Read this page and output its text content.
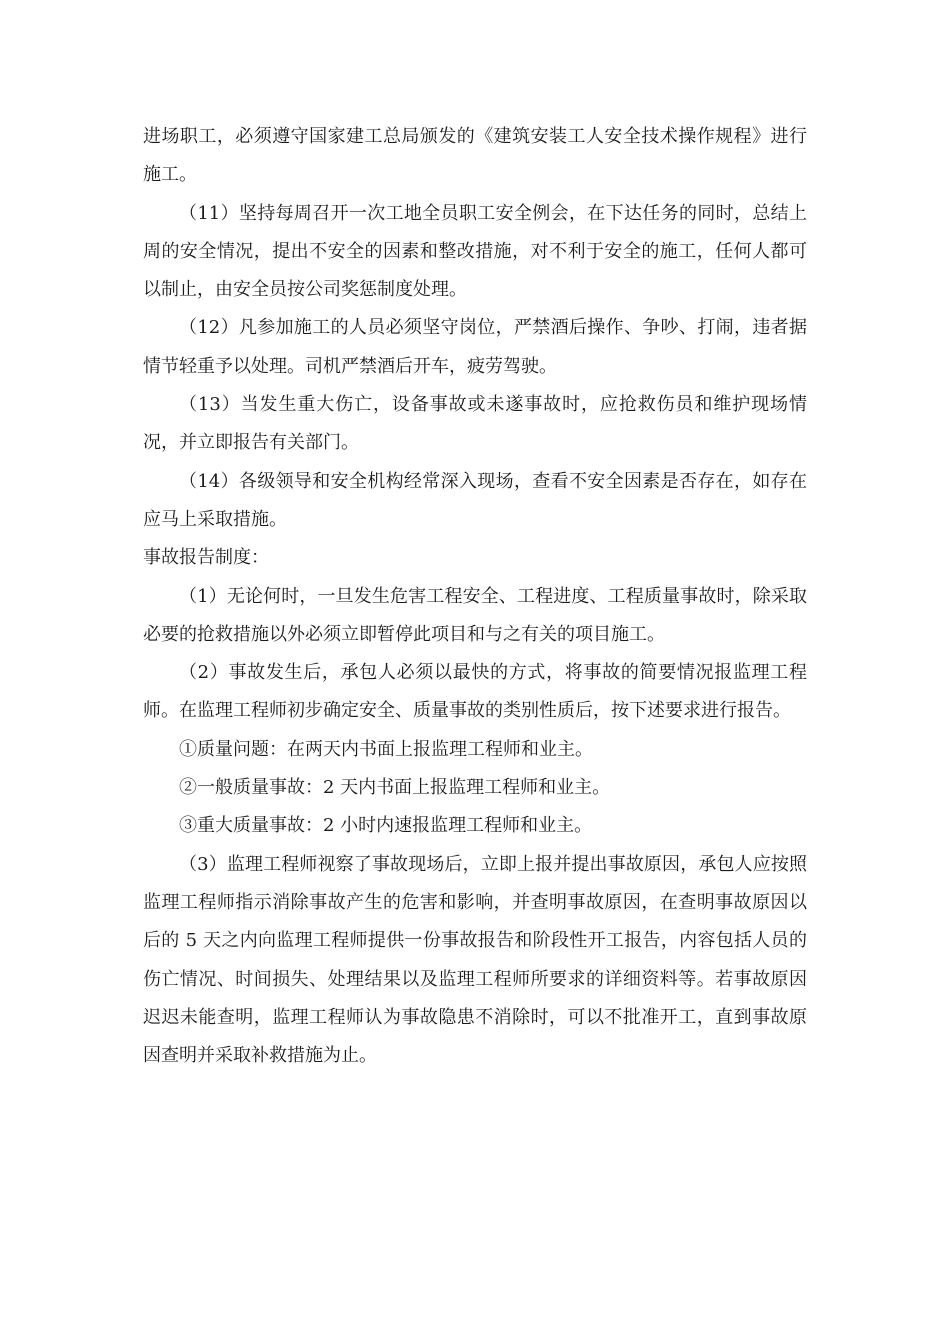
进场职工，必须遵守国家建工总局颁发的《建筑安装工人安全技术操作规程》进行施工。

（11）坚持每周召开一次工地全员职工安全例会，在下达任务的同时，总结上周的安全情况，提出不安全的因素和整改措施，对不利于安全的施工，任何人都可以制止，由安全员按公司奖惩制度处理。

（12）凡参加施工的人员必须坚守岗位，严禁酒后操作、争吵、打闹，违者据情节轻重予以处理。司机严禁酒后开车，疲劳驾驶。

（13）当发生重大伤亡，设备事故或未遂事故时，应抢救伤员和维护现场情况，并立即报告有关部门。

（14）各级领导和安全机构经常深入现场，查看不安全因素是否存在，如存在应马上采取措施。

事故报告制度：

（1）无论何时，一旦发生危害工程安全、工程进度、工程质量事故时，除采取必要的抢救措施以外必须立即暂停此项目和与之有关的项目施工。

（2）事故发生后，承包人必须以最快的方式，将事故的简要情况报监理工程师。在监理工程师初步确定安全、质量事故的类别性质后，按下述要求进行报告。

①质量问题：在两天内书面上报监理工程师和业主。

②一般质量事故：2 天内书面上报监理工程师和业主。

③重大质量事故：2 小时内速报监理工程师和业主。

（3）监理工程师视察了事故现场后，立即上报并提出事故原因，承包人应按照监理工程师指示消除事故产生的危害和影响，并查明事故原因，在查明事故原因以后的 5 天之内向监理工程师提供一份事故报告和阶段性开工报告，内容包括人员的伤亡情况、时间损失、处理结果以及监理工程师所要求的详细资料等。若事故原因迟迟未能查明，监理工程师认为事故隐患不消除时，可以不批准开工，直到事故原因查明并采取补救措施为止。
